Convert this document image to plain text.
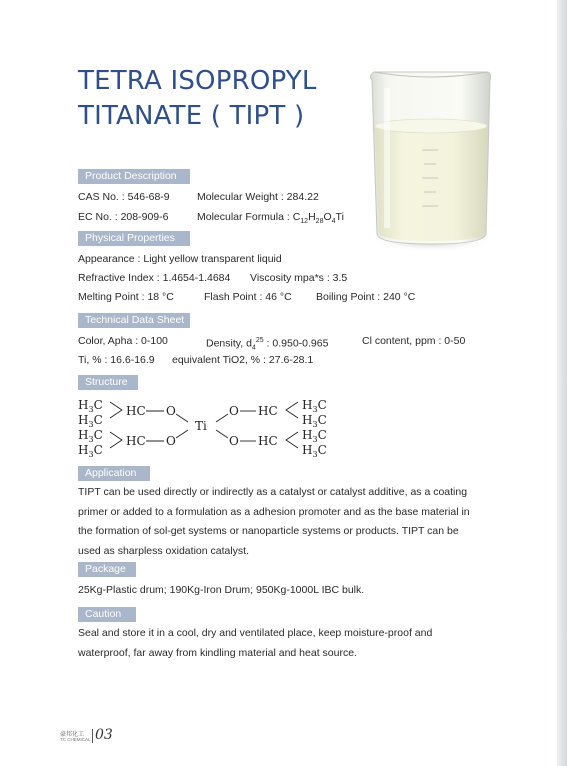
TETRA ISOPROPYL
TITANATE ( TIPT )
Product Description
CAS No. : 546-68-9	Molecular Weight : 284.22
EC No. : 208-909-6	Molecular Formula : $C_{12}H_{28}O_4Ti$
Physical Properties
Appearance : Light yellow transparent liquid
Refractive Index : 1.4654-1.4684 Viscosity mpa*s : 3.5
Melting Point : 18 °C	Flash Point : 46 °C Boiling Point : 240 °C
Technical Data Sheet
Color, Apha : 0-100	Density, $d_4^{25}$ : 0.950-0.965	Cl content, ppm : 0-50
Ti, % : 16.6-16.9 equivalent TiO2, % : 27.6-28.1
Structure
$H_3C$
$H_3C$
$H_3C$
$H_3C$
HC
HC
O
O
Ti
O
O
HC
HC
$H_3C$
$H_3C$
$H_3C$
$H_3C$
Application
TIPT can be used directly or indirectly as a catalyst or catalyst additive, as a coating primer or added to a formulation as a adhesion promoter and as the base material in the formation of sol-get systems or nanoparticle systems or products. TIPT can be used as sharpless oxidation catalyst.
Package
25Kg-Plastic drum; 190Kg-Iron Drum; 950Kg-1000L IBC bulk.
Caution
Seal and store it in a cool, dry and ventilated place, keep moisture-proof and waterproof, far away from kindling material and heat source.
豪邦化工
TC CHEMICAL 03
